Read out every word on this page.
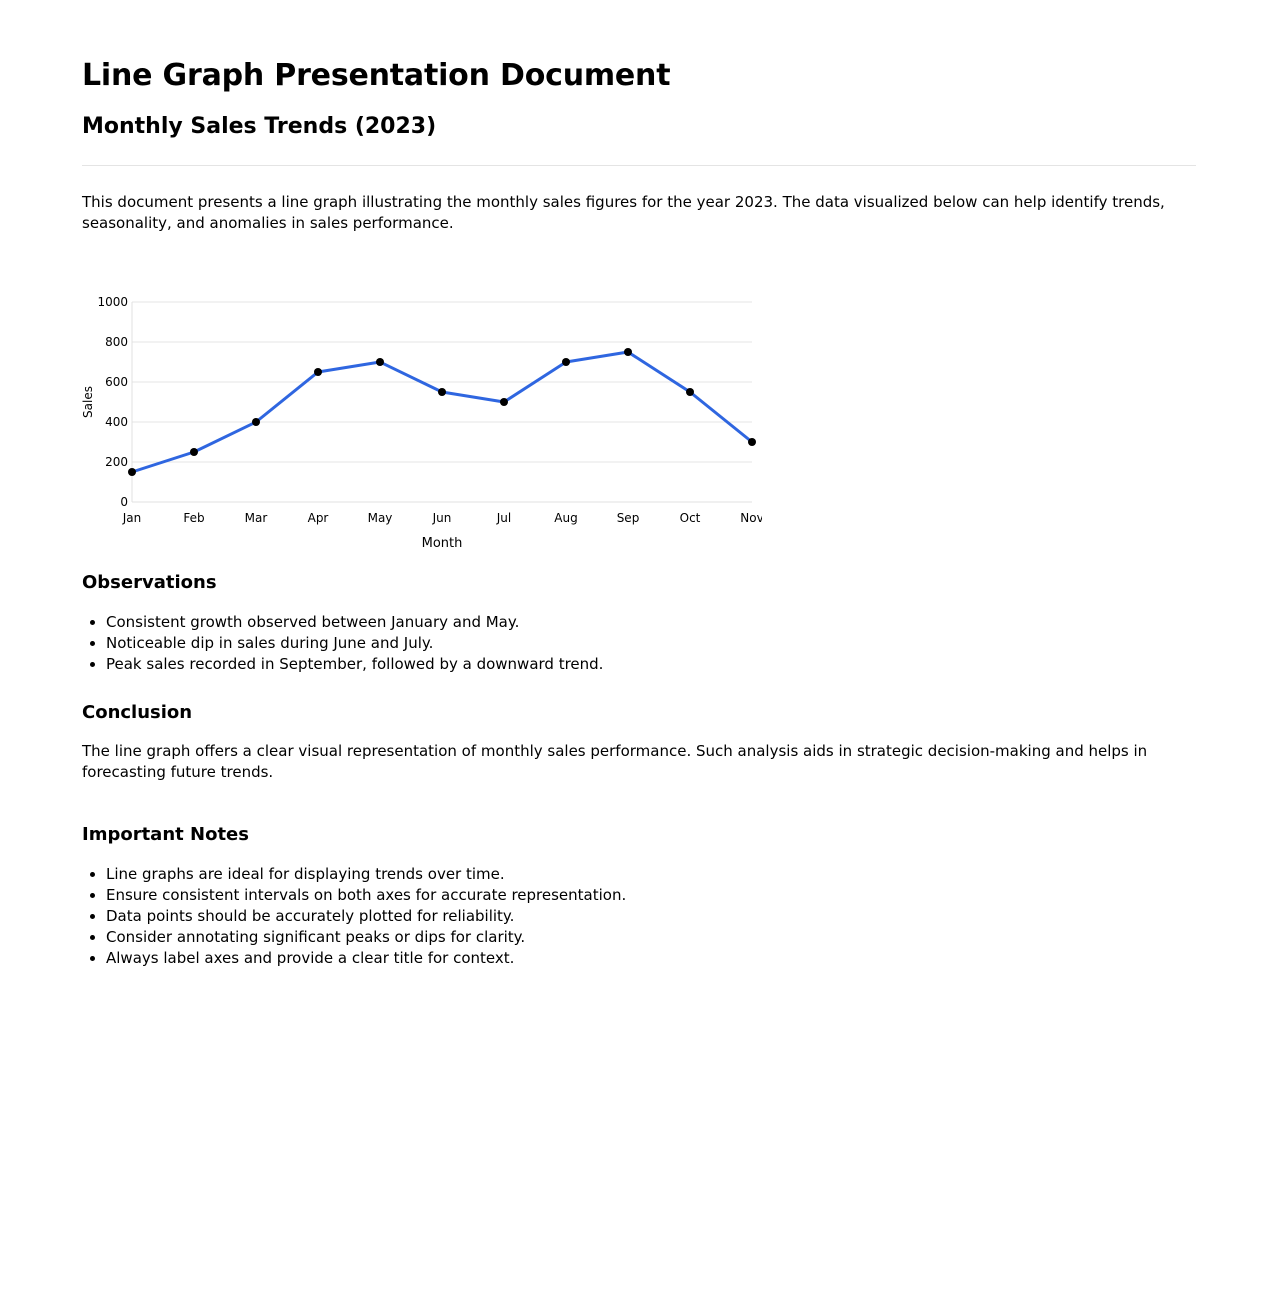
Line Graph Presentation Document
Monthly Sales Trends (2023)

This document presents a line graph illustrating the monthly sales figures for the year 2023. The data visualized below can help identify trends, seasonality, and anomalies in sales performance.

0
200
400
600
800
1000
Jan	Feb	Mar	Apr	May	Jun	Jul	Aug	Sep	Oct	Nov
Month
Sales
Observations
• Consistent growth observed between January and May.
• Noticeable dip in sales during June and July.
• Peak sales recorded in September, followed by a downward trend.
Conclusion

The line graph offers a clear visual representation of monthly sales performance. Such analysis aids in strategic decision-making and helps in forecasting future trends.

Important Notes
• Line graphs are ideal for displaying trends over time.
• Ensure consistent intervals on both axes for accurate representation.
• Data points should be accurately plotted for reliability.
• Consider annotating significant peaks or dips for clarity.
• Always label axes and provide a clear title for context.
